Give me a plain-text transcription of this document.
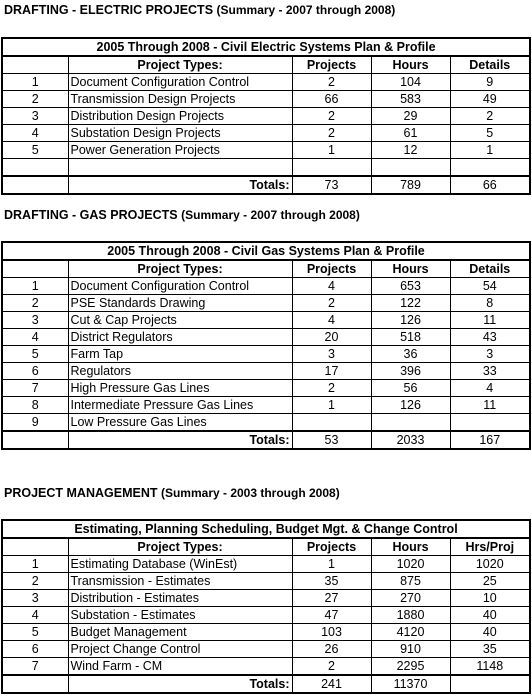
DRAFTING - ELECTRIC PROJECTS (Summary - 2007 through 2008)
2005 Through 2008 - Civil Electric Systems Plan & Profile				
	Project Types:	Projects	Hours	Details
1	Document Configuration Control	2	104	9
2	Transmission Design Projects	66	583	49
3	Distribution Design Projects	2	29	2
4	Substation Design Projects	2	61	5
5	Power Generation Projects	1	12	1

	Totals:	73	789	66
DRAFTING - GAS PROJECTS (Summary - 2007 through 2008)
2005 Through 2008 - Civil Gas Systems Plan & Profile				
	Project Types:	Projects	Hours	Details
1	Document Configuration Control	4	653	54
2	PSE Standards Drawing	2	122	8
3	Cut & Cap Projects	4	126	11
4	District Regulators	20	518	43
5	Farm Tap	3	36	3
6	Regulators	17	396	33
7	High Pressure Gas Lines	2	56	4
8	Intermediate Pressure Gas Lines	1	126	11
9	Low Pressure Gas Lines			
	Totals:	53	2033	167
PROJECT MANAGEMENT (Summary - 2003 through 2008)
Estimating, Planning Scheduling, Budget Mgt. & Change Control				
	Project Types:	Projects	Hours	Hrs/Proj
1	Estimating Database (WinEst)	1	1020	1020
2	Transmission - Estimates	35	875	25
3	Distribution - Estimates	27	270	10
4	Substation - Estimates	47	1880	40
5	Budget Management	103	4120	40
6	Project Change Control	26	910	35
7	Wind Farm - CM	2	2295	1148
	Totals:	241	11370	
